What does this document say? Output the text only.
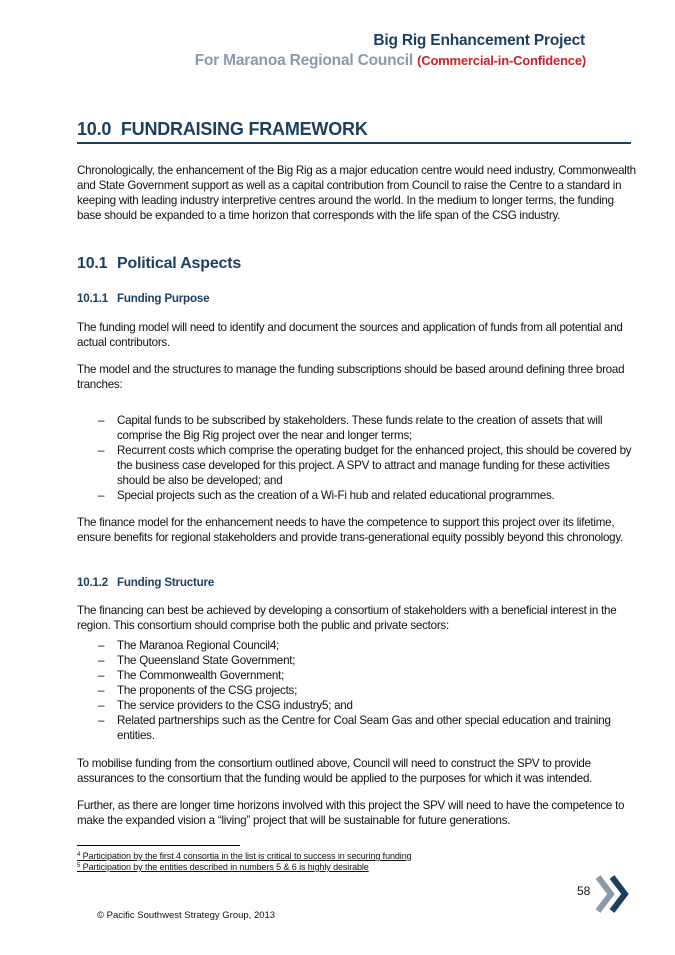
Big Rig Enhancement Project
For Maranoa Regional Council (Commercial-in-Confidence)
10.0 FUNDRAISING FRAMEWORK
Chronologically, the enhancement of the Big Rig as a major education centre would need industry, Commonwealth and State Government support as well as a capital contribution from Council to raise the Centre to a standard in keeping with leading industry interpretive centres around the world. In the medium to longer terms, the funding base should be expanded to a time horizon that corresponds with the life span of the CSG industry.
10.1 Political Aspects
10.1.1 Funding Purpose
The funding model will need to identify and document the sources and application of funds from all potential and actual contributors.
The model and the structures to manage the funding subscriptions should be based around defining three broad tranches:
– Capital funds to be subscribed by stakeholders. These funds relate to the creation of assets that will comprise the Big Rig project over the near and longer terms;
– Recurrent costs which comprise the operating budget for the enhanced project, this should be covered by the business case developed for this project. A SPV to attract and manage funding for these activities should be also be developed; and
– Special projects such as the creation of a Wi-Fi hub and related educational programmes.
The finance model for the enhancement needs to have the competence to support this project over its lifetime, ensure benefits for regional stakeholders and provide trans-generational equity possibly beyond this chronology.
10.1.2 Funding Structure
The financing can best be achieved by developing a consortium of stakeholders with a beneficial interest in the region. This consortium should comprise both the public and private sectors:
– The Maranoa Regional Council4;
– The Queensland State Government;
– The Commonwealth Government;
– The proponents of the CSG projects;
– The service providers to the CSG industry5; and
– Related partnerships such as the Centre for Coal Seam Gas and other special education and training entities.
To mobilise funding from the consortium outlined above, Council will need to construct the SPV to provide assurances to the consortium that the funding would be applied to the purposes for which it was intended.
Further, as there are longer time horizons involved with this project the SPV will need to have the competence to make the expanded vision a “living” project that will be sustainable for future generations.
$^4$ Participation by the first 4 consortia in the list is critical to success in securing funding
$^5$ Participation by the entities described in numbers 5 & 6 is highly desirable
58
© Pacific Southwest Strategy Group, 2013
